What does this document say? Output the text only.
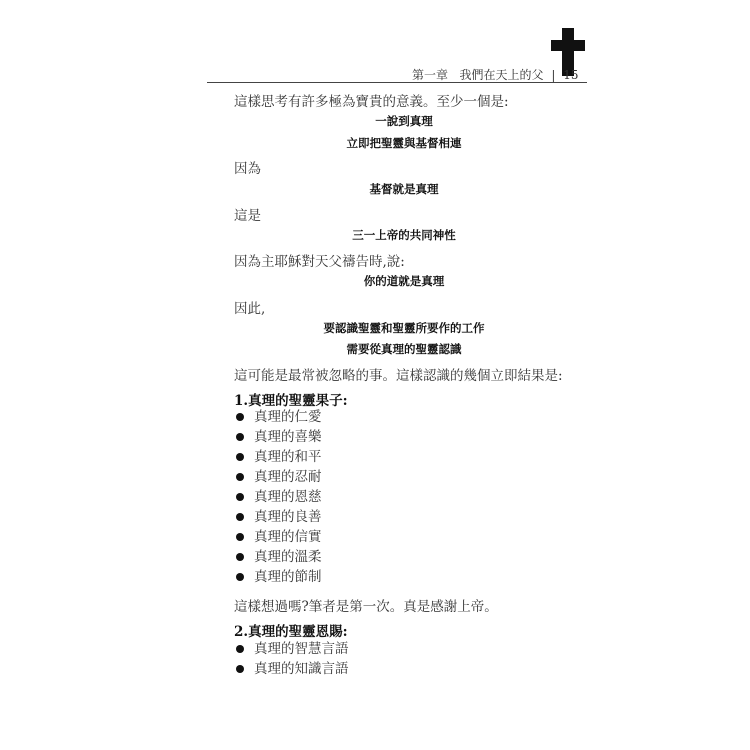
第一章 我們在天上的父 | 15
這樣思考有許多極為寶貴的意義。至少一個是:
一說到真理
立即把聖靈與基督相連
因為
基督就是真理
這是
三一上帝的共同神性
因為主耶穌對天父禱告時,說:
你的道就是真理
因此,
要認識聖靈和聖靈所要作的工作
需要從真理的聖靈認識
這可能是最常被忽略的事。這樣認識的幾個立即結果是:
1.真理的聖靈果子:
真理的仁愛
真理的喜樂
真理的和平
真理的忍耐
真理的恩慈
真理的良善
真理的信實
真理的溫柔
真理的節制
這樣想過嗎?筆者是第一次。真是感謝上帝。
2.真理的聖靈恩賜:
真理的智慧言語
真理的知識言語
